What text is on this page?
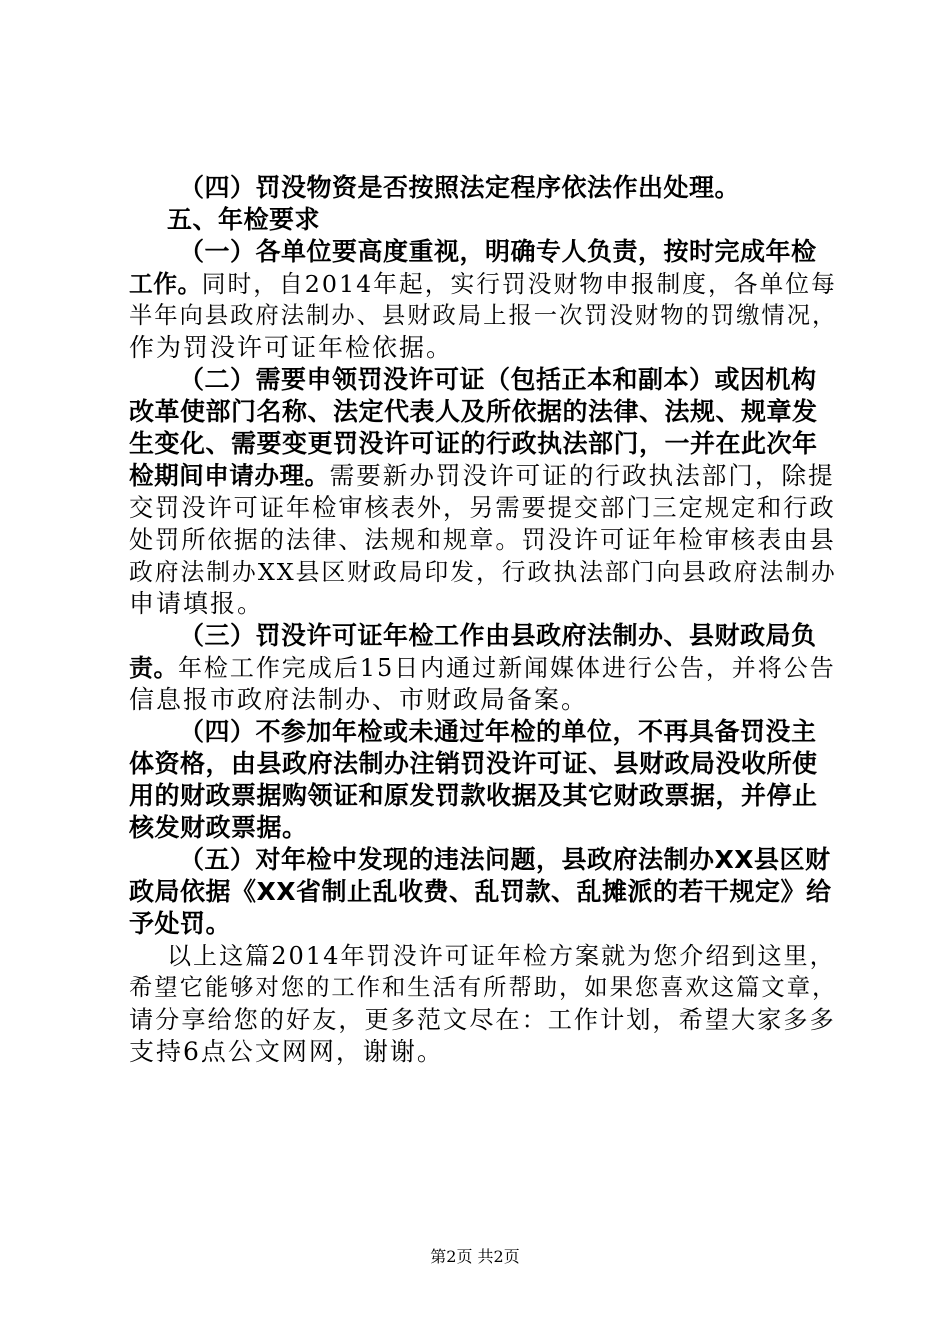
（四）罚没物资是否按照法定程序依法作出处理。
五、年检要求
（一）各单位要高度重视，明确专人负责，按时完成年检
工作。同时，自2014年起，实行罚没财物申报制度，各单位每
半年向县政府法制办、县财政局上报一次罚没财物的罚缴情况，
作为罚没许可证年检依据。
（二）需要申领罚没许可证（包括正本和副本）或因机构
改革使部门名称、法定代表人及所依据的法律、法规、规章发
生变化、需要变更罚没许可证的行政执法部门，一并在此次年
检期间申请办理。需要新办罚没许可证的行政执法部门，除提
交罚没许可证年检审核表外，另需要提交部门三定规定和行政
处罚所依据的法律、法规和规章。罚没许可证年检审核表由县
政府法制办XX县区财政局印发，行政执法部门向县政府法制办
申请填报。
（三）罚没许可证年检工作由县政府法制办、县财政局负
责。年检工作完成后15日内通过新闻媒体进行公告，并将公告
信息报市政府法制办、市财政局备案。
（四）不参加年检或未通过年检的单位，不再具备罚没主
体资格，由县政府法制办注销罚没许可证、县财政局没收所使
用的财政票据购领证和原发罚款收据及其它财政票据，并停止
核发财政票据。
（五）对年检中发现的违法问题，县政府法制办XX县区财
政局依据《XX省制止乱收费、乱罚款、乱摊派的若干规定》给
予处罚。
以上这篇2014年罚没许可证年检方案就为您介绍到这里，
希望它能够对您的工作和生活有所帮助，如果您喜欢这篇文章，
请分享给您的好友，更多范文尽在：工作计划，希望大家多多
支持6点公文网网，谢谢。
第2页 共2页
